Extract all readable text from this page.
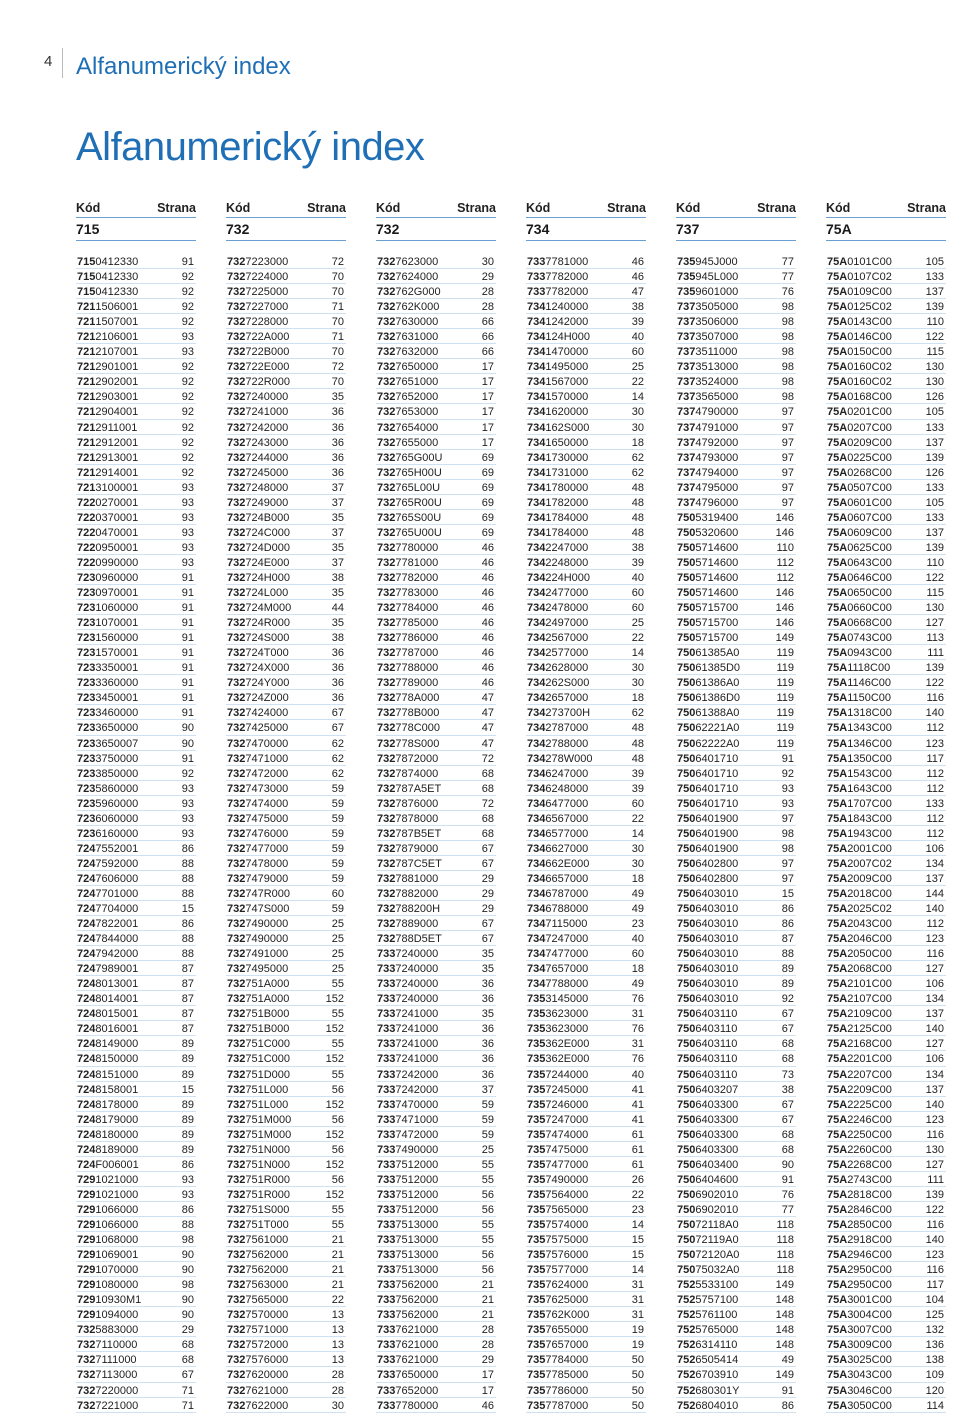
4 Alfanumerický index
Alfanumerický index
Kód	Strana
715
7150412330	91
7150412330	92
7150412330	92
7211506001	92
7211507001	92
7212106001	93
7212107001	93
7212901001	92
7212902001	92
7212903001	92
7212904001	92
7212911001	92
7212912001	92
7212913001	92
7212914001	92
7213100001	93
7220270001	93
7220370001	93
7220470001	93
7220950001	93
7220990000	93
7230960000	91
7230970001	91
7231060000	91
7231070001	91
7231560000	91
7231570001	91
7233350001	91
7233360000	91
7233450001	91
7233460000	91
7233650000	90
7233650007	90
7233750000	91
7233850000	92
7235860000	93
7235960000	93
7236060000	93
7236160000	93
7247552001	86
7247592000	88
7247606000	88
7247701000	88
7247704000	15
7247822001	86
7247844000	88
7247942000	88
7247989001	87
7248013001	87
7248014001	87
7248015001	87
7248016001	87
7248149000	89
7248150000	89
7248151000	89
7248158001	15
7248178000	89
7248179000	89
7248180000	89
7248189000	89
724F006001	86
7291021000	93
7291021000	93
7291066000	86
7291066000	88
7291068000	98
7291069001	90
7291070000	90
7291080000	98
72910930M1	90
7291094000	90
7325883000	29
7327110000	68
7327111000	68
7327113000	67
7327220000	71
7327221000	71
Kód	Strana
732
7327223000	72
7327224000	70
7327225000	70
7327227000	71
7327228000	70
732722A000	71
732722B000	70
732722E000	72
732722R000	70
7327240000	35
7327241000	36
7327242000	36
7327243000	36
7327244000	36
7327245000	36
7327248000	37
7327249000	37
732724B000	35
732724C000	37
732724D000	35
732724E000	37
732724H000	38
732724L000	35
732724M000	44
732724R000	35
732724S000	38
732724T000	36
732724X000	36
732724Y000	36
732724Z000	36
7327424000	67
7327425000	67
7327470000	62
7327471000	62
7327472000	62
7327473000	59
7327474000	59
7327475000	59
7327476000	59
7327477000	59
7327478000	59
7327479000	59
732747R000	60
732747S000	59
7327490000	25
7327490000	25
7327491000	25
7327495000	25
732751A000	55
732751A000	152
732751B000	55
732751B000	152
732751C000	55
732751C000	152
732751D000	55
732751L000	56
732751L000	152
732751M000	56
732751M000	152
732751N000	56
732751N000	152
732751R000	56
732751R000	152
732751S000	55
732751T000	55
7327561000	21
7327562000	21
7327562000	21
7327563000	21
7327565000	22
7327570000	13
7327571000	13
7327572000	13
7327576000	13
7327620000	28
7327621000	28
7327622000	30
Kód	Strana
732
7327623000	30
7327624000	29
732762G000	28
732762K000	28
7327630000	66
7327631000	66
7327632000	66
7327650000	17
7327651000	17
7327652000	17
7327653000	17
7327654000	17
7327655000	17
732765G00U	69
732765H00U	69
732765L00U	69
732765R00U	69
732765S00U	69
732765U00U	69
7327780000	46
7327781000	46
7327782000	46
7327783000	46
7327784000	46
7327785000	46
7327786000	46
7327787000	46
7327788000	46
7327789000	46
732778A000	47
732778B000	47
732778C000	47
732778S000	47
7327872000	72
7327874000	68
732787A5ET	68
7327876000	72
7327878000	68
732787B5ET	68
7327879000	67
732787C5ET	67
7327881000	29
7327882000	29
732788200H	29
7327889000	67
732788D5ET	67
7337240000	35
7337240000	35
7337240000	36
7337240000	36
7337241000	35
7337241000	36
7337241000	36
7337241000	36
7337242000	36
7337242000	37
7337470000	59
7337471000	59
7337472000	59
7337490000	25
7337512000	55
7337512000	55
7337512000	56
7337512000	56
7337513000	55
7337513000	55
7337513000	56
7337513000	56
7337562000	21
7337562000	21
7337562000	21
7337621000	28
7337621000	28
7337621000	29
7337650000	17
7337652000	17
7337780000	46
Kód	Strana
734
7337781000	46
7337782000	46
7337782000	47
7341240000	38
7341242000	39
734124H000	40
7341470000	60
7341495000	25
7341567000	22
7341570000	14
7341620000	30
734162S000	30
7341650000	18
7341730000	62
7341731000	62
7341780000	48
7341782000	48
7341784000	48
7341784000	48
7342247000	38
7342248000	39
734224H000	40
7342477000	60
7342478000	60
7342497000	25
7342567000	22
7342577000	14
7342628000	30
734262S000	30
7342657000	18
734273700H	62
7342787000	48
7342788000	48
734278W000	48
7346247000	39
7346248000	39
7346477000	60
7346567000	22
7346577000	14
7346627000	30
734662E000	30
7346657000	18
7346787000	49
7346788000	49
7347115000	23
7347247000	40
7347477000	60
7347657000	18
7347788000	49
7353145000	76
7353623000	31
7353623000	76
735362E000	31
735362E000	76
7357244000	40
7357245000	41
7357246000	41
7357247000	41
7357474000	61
7357475000	61
7357477000	61
7357490000	26
7357564000	22
7357565000	23
7357574000	14
7357575000	15
7357576000	15
7357577000	14
7357624000	31
7357625000	31
735762K000	31
7357655000	19
7357657000	19
7357784000	50
7357785000	50
7357786000	50
7357787000	50
Kód	Strana
737
735945J000	77
735945L000	77
7359601000	76
7373505000	98
7373506000	98
7373507000	98
7373511000	98
7373513000	98
7373524000	98
7373565000	98
7374790000	97
7374791000	97
7374792000	97
7374793000	97
7374794000	97
7374795000	97
7374796000	97
7505319400	146
7505320600	146
7505714600	110
7505714600	112
7505714600	112
7505714600	146
7505715700	146
7505715700	146
7505715700	149
75061385A0	119
75061385D0	119
75061386A0	119
75061386D0	119
75061388A0	119
75062221A0	119
75062222A0	119
7506401710	91
7506401710	92
7506401710	93
7506401710	93
7506401900	97
7506401900	98
7506401900	98
7506402800	97
7506402800	97
7506403010	15
7506403010	86
7506403010	86
7506403010	87
7506403010	88
7506403010	89
7506403010	89
7506403010	92
7506403110	67
7506403110	67
7506403110	68
7506403110	68
7506403110	73
7506403207	38
7506403300	67
7506403300	67
7506403300	68
7506403300	68
7506403400	90
7506404600	91
7506902010	76
7506902010	77
75072118A0	118
75072119A0	118
75072120A0	118
75075032A0	118
7525533100	149
7525757100	148
7525761100	148
7525765000	148
7526314110	148
7526505414	49
7526703910	149
752680301Y	91
7526804010	86
Kód	Strana
75A
75A0101C00	105
75A0107C02	133
75A0109C00	137
75A0125C02	139
75A0143C00	110
75A0146C00	122
75A0150C00	115
75A0160C02	130
75A0160C02	130
75A0168C00	126
75A0201C00	105
75A0207C00	133
75A0209C00	137
75A0225C00	139
75A0268C00	126
75A0507C00	133
75A0601C00	105
75A0607C00	133
75A0609C00	137
75A0625C00	139
75A0643C00	110
75A0646C00	122
75A0650C00	115
75A0660C00	130
75A0668C00	127
75A0743C00	113
75A0943C00	111
75A1118C00	139
75A1146C00	122
75A1150C00	116
75A1318C00	140
75A1343C00	112
75A1346C00	123
75A1350C00	117
75A1543C00	112
75A1643C00	112
75A1707C00	133
75A1843C00	112
75A1943C00	112
75A2001C00	106
75A2007C02	134
75A2009C00	137
75A2018C00	144
75A2025C02	140
75A2043C00	112
75A2046C00	123
75A2050C00	116
75A2068C00	127
75A2101C00	106
75A2107C00	134
75A2109C00	137
75A2125C00	140
75A2168C00	127
75A2201C00	106
75A2207C00	134
75A2209C00	137
75A2225C00	140
75A2246C00	123
75A2250C00	116
75A2260C00	130
75A2268C00	127
75A2743C00	111
75A2818C00	139
75A2846C00	122
75A2850C00	116
75A2918C00	140
75A2946C00	123
75A2950C00	116
75A2950C00	117
75A3001C00	104
75A3004C00	125
75A3007C00	132
75A3009C00	136
75A3025C00	138
75A3043C00	109
75A3046C00	120
75A3050C00	114
